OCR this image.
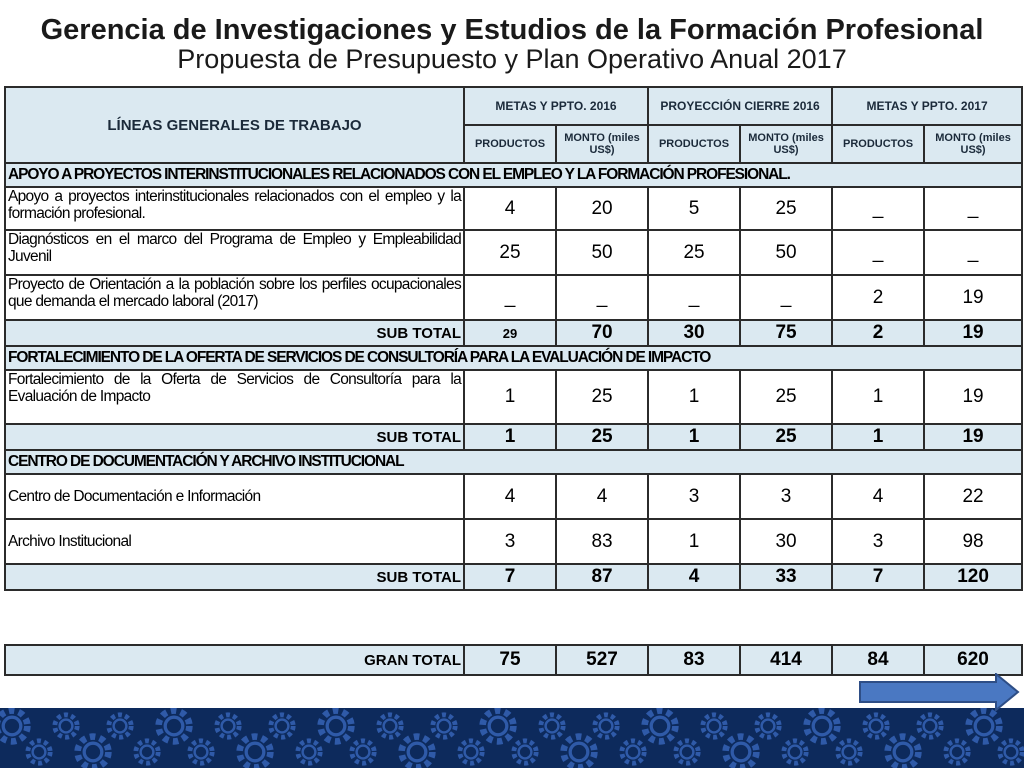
Gerencia de Investigaciones y Estudios de la Formación Profesional
Propuesta de Presupuesto y Plan Operativo Anual 2017
LÍNEAS GENERALES DE TRABAJO	METAS Y PPTO. 2016		PROYECCIÓN CIERRE 2016		METAS Y PPTO. 2017	
	PRODUCTOS	MONTO (miles US$)	PRODUCTOS	MONTO (miles US$)	PRODUCTOS	MONTO (miles US$)
APOYO A PROYECTOS INTERINSTITUCIONALES RELACIONADOS CON EL EMPLEO Y LA FORMACIÓN PROFESIONAL.						
Apoyo a proyectos interinstitucionales relacionados con el empleo y la formación profesional.	4	20	5	25	_	_
Diagnósticos en el marco del Programa de Empleo y Empleabilidad Juvenil	25	50	25	50	_	_
Proyecto de Orientación a la población sobre los perfiles ocupacionales que demanda el mercado laboral (2017)	_	_	_	_	2	19
SUB TOTAL	29	70	30	75	2	19
FORTALECIMIENTO DE LA OFERTA DE SERVICIOS DE CONSULTORÍA PARA LA EVALUACIÓN DE IMPACTO						
Fortalecimiento de la Oferta de Servicios de Consultoría para la Evaluación de Impacto	1	25	1	25	1	19
SUB TOTAL	1	25	1	25	1	19
CENTRO DE DOCUMENTACIÓN Y ARCHIVO INSTITUCIONAL						
Centro de Documentación e Información	4	4	3	3	4	22
Archivo Institucional	3	83	1	30	3	98
SUB TOTAL	7	87	4	33	7	120
GRAN TOTAL	75	527	83	414	84	620
